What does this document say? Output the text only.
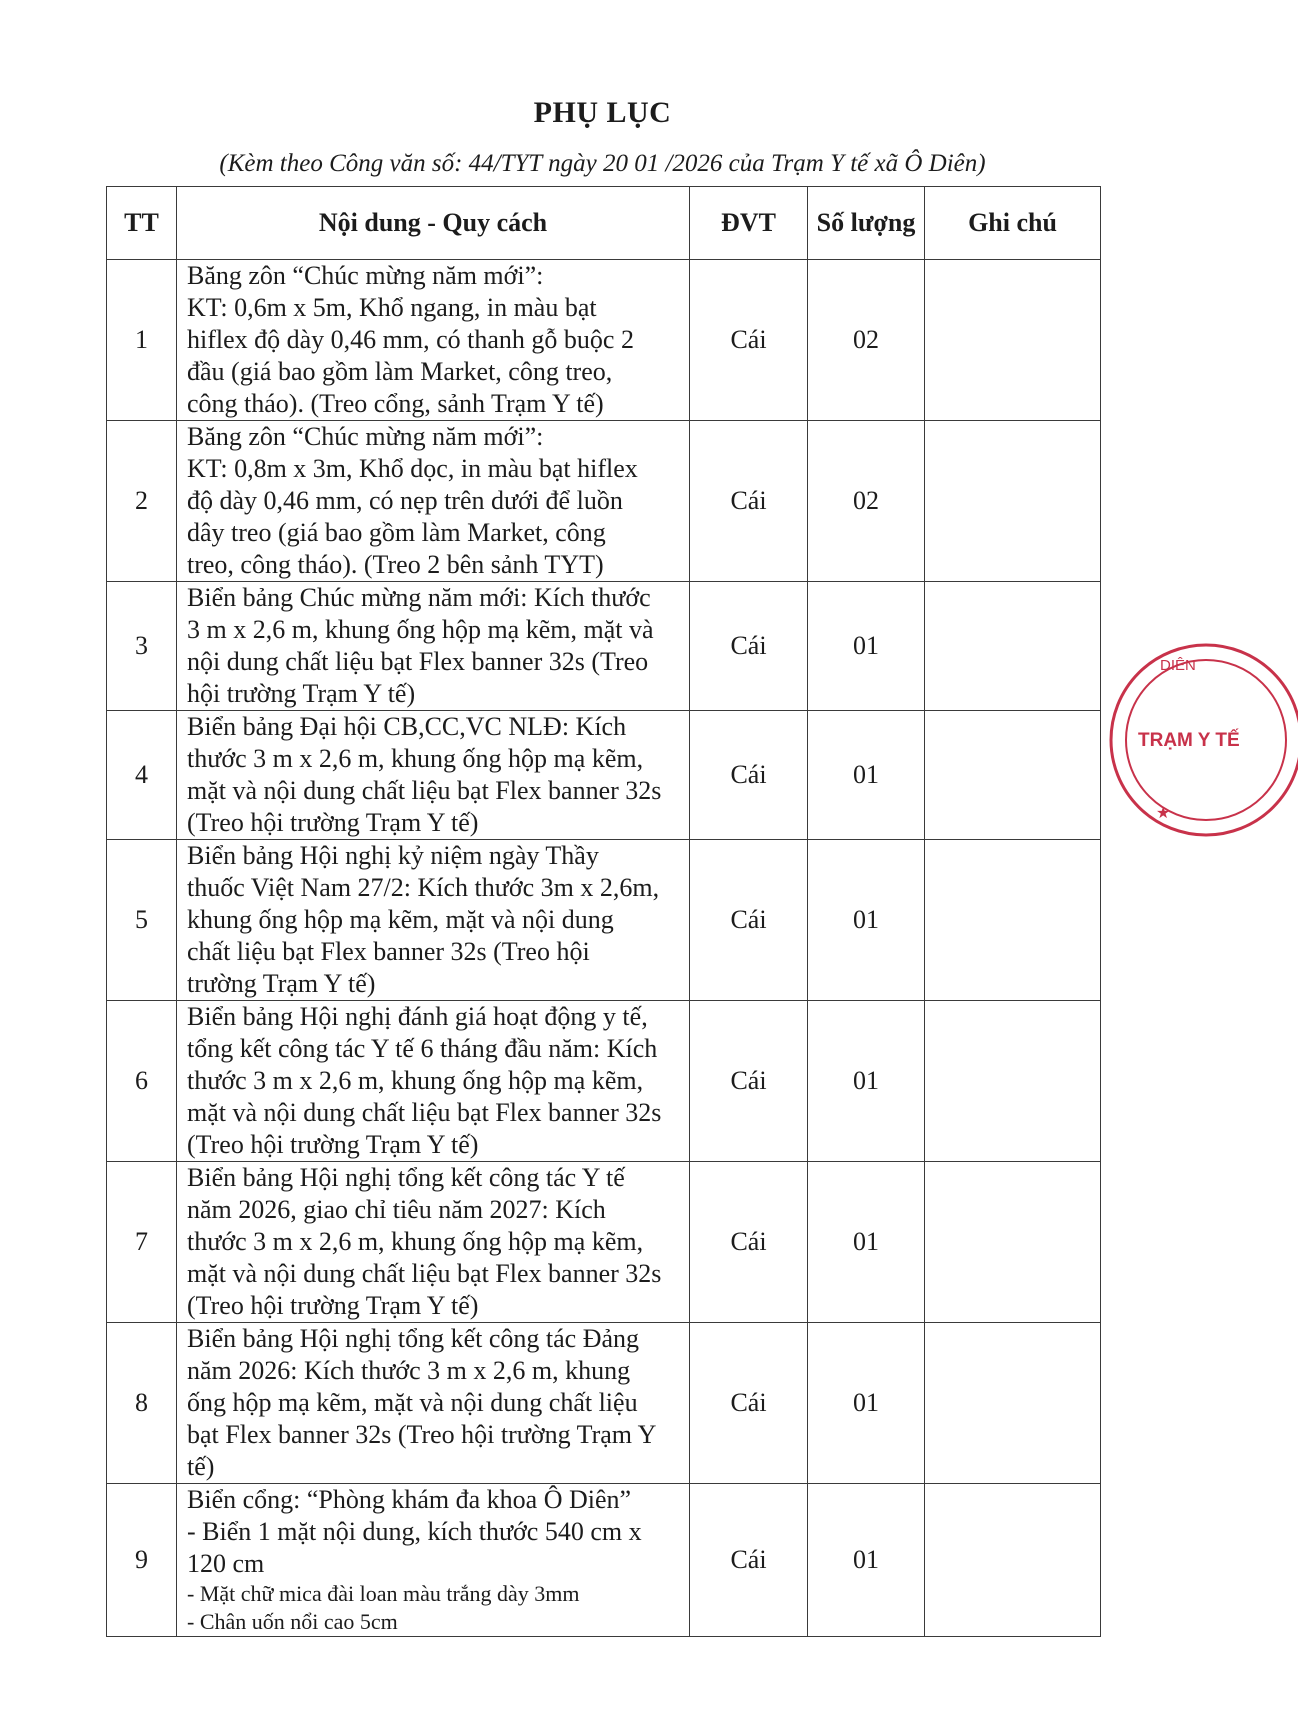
PHỤ LỤC
(Kèm theo Công văn số: 44/TYT ngày 20 01 /2026 của Trạm Y tế xã Ô Diên)
TT	Nội dung - Quy cách	ĐVT	Số lượng	Ghi chú
1	Băng zôn “Chúc mừng năm mới”:
KT: 0,6m x 5m, Khổ ngang, in màu bạt
hiflex độ dày 0,46 mm, có thanh gỗ buộc 2
đầu (giá bao gồm làm Market, công treo,
công tháo). (Treo cổng, sảnh Trạm Y tế)	Cái	02	
2	Băng zôn “Chúc mừng năm mới”:
KT: 0,8m x 3m, Khổ dọc, in màu bạt hiflex
độ dày 0,46 mm, có nẹp trên dưới để luồn
dây treo (giá bao gồm làm Market, công
treo, công tháo). (Treo 2 bên sảnh TYT)	Cái	02	
3	Biển bảng Chúc mừng năm mới: Kích thước
3 m x 2,6 m, khung ống hộp mạ kẽm, mặt và
nội dung chất liệu bạt Flex banner 32s (Treo
hội trường Trạm Y tế)	Cái	01	
4	Biển bảng Đại hội CB,CC,VC NLĐ: Kích
thước 3 m x 2,6 m, khung ống hộp mạ kẽm,
mặt và nội dung chất liệu bạt Flex banner 32s
(Treo hội trường Trạm Y tế)	Cái	01	
5	Biển bảng Hội nghị kỷ niệm ngày Thầy
thuốc Việt Nam 27/2: Kích thước 3m x 2,6m,
khung ống hộp mạ kẽm, mặt và nội dung
chất liệu bạt Flex banner 32s (Treo hội
trường Trạm Y tế)	Cái	01	
6	Biển bảng Hội nghị đánh giá hoạt động y tế,
tổng kết công tác Y tế 6 tháng đầu năm: Kích
thước 3 m x 2,6 m, khung ống hộp mạ kẽm,
mặt và nội dung chất liệu bạt Flex banner 32s
(Treo hội trường Trạm Y tế)	Cái	01	
7	Biển bảng Hội nghị tổng kết công tác Y tế
năm 2026, giao chỉ tiêu năm 2027: Kích
thước 3 m x 2,6 m, khung ống hộp mạ kẽm,
mặt và nội dung chất liệu bạt Flex banner 32s
(Treo hội trường Trạm Y tế)	Cái	01	
8	Biển bảng Hội nghị tổng kết công tác Đảng
năm 2026: Kích thước 3 m x 2,6 m, khung
ống hộp mạ kẽm, mặt và nội dung chất liệu
bạt Flex banner 32s (Treo hội trường Trạm Y
tế)	Cái	01	
9	Biển cổng: “Phòng khám đa khoa Ô Diên”
- Biển 1 mặt nội dung, kích thước 540 cm x
120 cm
- Mặt chữ mica đài loan màu trắng dày 3mm
- Chân uốn nổi cao 5cm	Cái	01	
DIÊN
TRẠM Y TẾ
★
